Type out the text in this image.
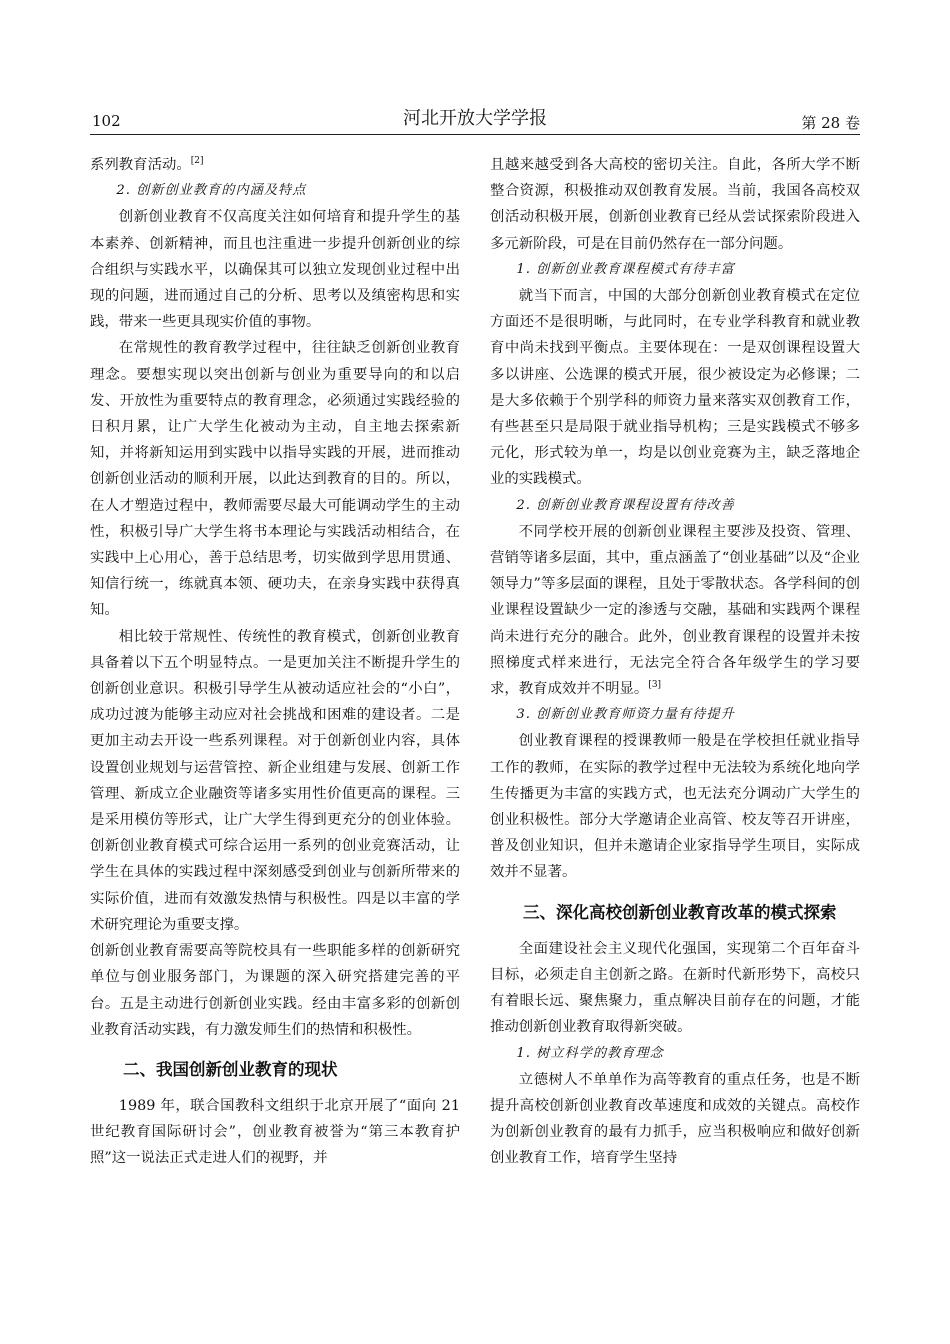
102	河北开放大学学报	第 28 卷

系列教育活动。[2]

2. 创新创业教育的内涵及特点

创新创业教育不仅高度关注如何培育和提升学生的基本素养、创新精神，而且也注重进一步提升创新创业的综合组织与实践水平，以确保其可以独立发现创业过程中出现的问题，进而通过自己的分析、思考以及缜密构思和实践，带来一些更具现实价值的事物。

在常规性的教育教学过程中，往往缺乏创新创业教育理念。要想实现以突出创新与创业为重要导向的和以启发、开放性为重要特点的教育理念，必须通过实践经验的日积月累，让广大学生化被动为主动，自主地去探索新知，并将新知运用到实践中以指导实践的开展，进而推动创新创业活动的顺利开展，以此达到教育的目的。所以，在人才塑造过程中，教师需要尽最大可能调动学生的主动性，积极引导广大学生将书本理论与实践活动相结合，在实践中上心用心，善于总结思考，切实做到学思用贯通、知信行统一，练就真本领、硬功夫，在亲身实践中获得真知。

相比较于常规性、传统性的教育模式，创新创业教育具备着以下五个明显特点。一是更加关注不断提升学生的创新创业意识。积极引导学生从被动适应社会的“小白”，成功过渡为能够主动应对社会挑战和困难的建设者。二是更加主动去开设一些系列课程。对于创新创业内容，具体设置创业规划与运营管控、新企业组建与发展、创新工作管理、新成立企业融资等诸多实用性价值更高的课程。三是采用模仿等形式，让广大学生得到更充分的创业体验。创新创业教育模式可综合运用一系列的创业竞赛活动，让学生在具体的实践过程中深刻感受到创业与创新所带来的实际价值，进而有效激发热情与积极性。四是以丰富的学术研究理论为重要支撑。

创新创业教育需要高等院校具有一些职能多样的创新研究单位与创业服务部门，为课题的深入研究搭建完善的平台。五是主动进行创新创业实践。经由丰富多彩的创新创业教育活动实践，有力激发师生们的热情和积极性。

二、我国创新创业教育的现状

1989 年，联合国教科文组织于北京开展了“面向 21 世纪教育国际研讨会”，创业教育被誉为“第三本教育护照”这一说法正式走进人们的视野，并

且越来越受到各大高校的密切关注。自此，各所大学不断整合资源，积极推动双创教育发展。当前，我国各高校双创活动积极开展，创新创业教育已经从尝试探索阶段进入多元新阶段，可是在目前仍然存在一部分问题。

1. 创新创业教育课程模式有待丰富

就当下而言，中国的大部分创新创业教育模式在定位方面还不是很明晰，与此同时，在专业学科教育和就业教育中尚未找到平衡点。主要体现在：一是双创课程设置大多以讲座、公选课的模式开展，很少被设定为必修课；二是大多依赖于个别学科的师资力量来落实双创教育工作，有些甚至只是局限于就业指导机构；三是实践模式不够多元化，形式较为单一，均是以创业竞赛为主，缺乏落地企业的实践模式。

2. 创新创业教育课程设置有待改善

不同学校开展的创新创业课程主要涉及投资、管理、营销等诸多层面，其中，重点涵盖了“创业基础”以及“企业领导力”等多层面的课程，且处于零散状态。各学科间的创业课程设置缺少一定的渗透与交融，基础和实践两个课程尚未进行充分的融合。此外，创业教育课程的设置并未按照梯度式样来进行，无法完全符合各年级学生的学习要求，教育成效并不明显。[3]

3. 创新创业教育师资力量有待提升

创业教育课程的授课教师一般是在学校担任就业指导工作的教师，在实际的教学过程中无法较为系统化地向学生传播更为丰富的实践方式，也无法充分调动广大学生的创业积极性。部分大学邀请企业高管、校友等召开讲座，普及创业知识，但并未邀请企业家指导学生项目，实际成效并不显著。

三、深化高校创新创业教育改革的模式探索

全面建设社会主义现代化强国，实现第二个百年奋斗目标，必须走自主创新之路。在新时代新形势下，高校只有着眼长远、聚焦聚力，重点解决目前存在的问题，才能推动创新创业教育取得新突破。

1. 树立科学的教育理念

立德树人不单单作为高等教育的重点任务，也是不断提升高校创新创业教育改革速度和成效的关键点。高校作为创新创业教育的最有力抓手，应当积极响应和做好创新创业教育工作，培育学生坚持
